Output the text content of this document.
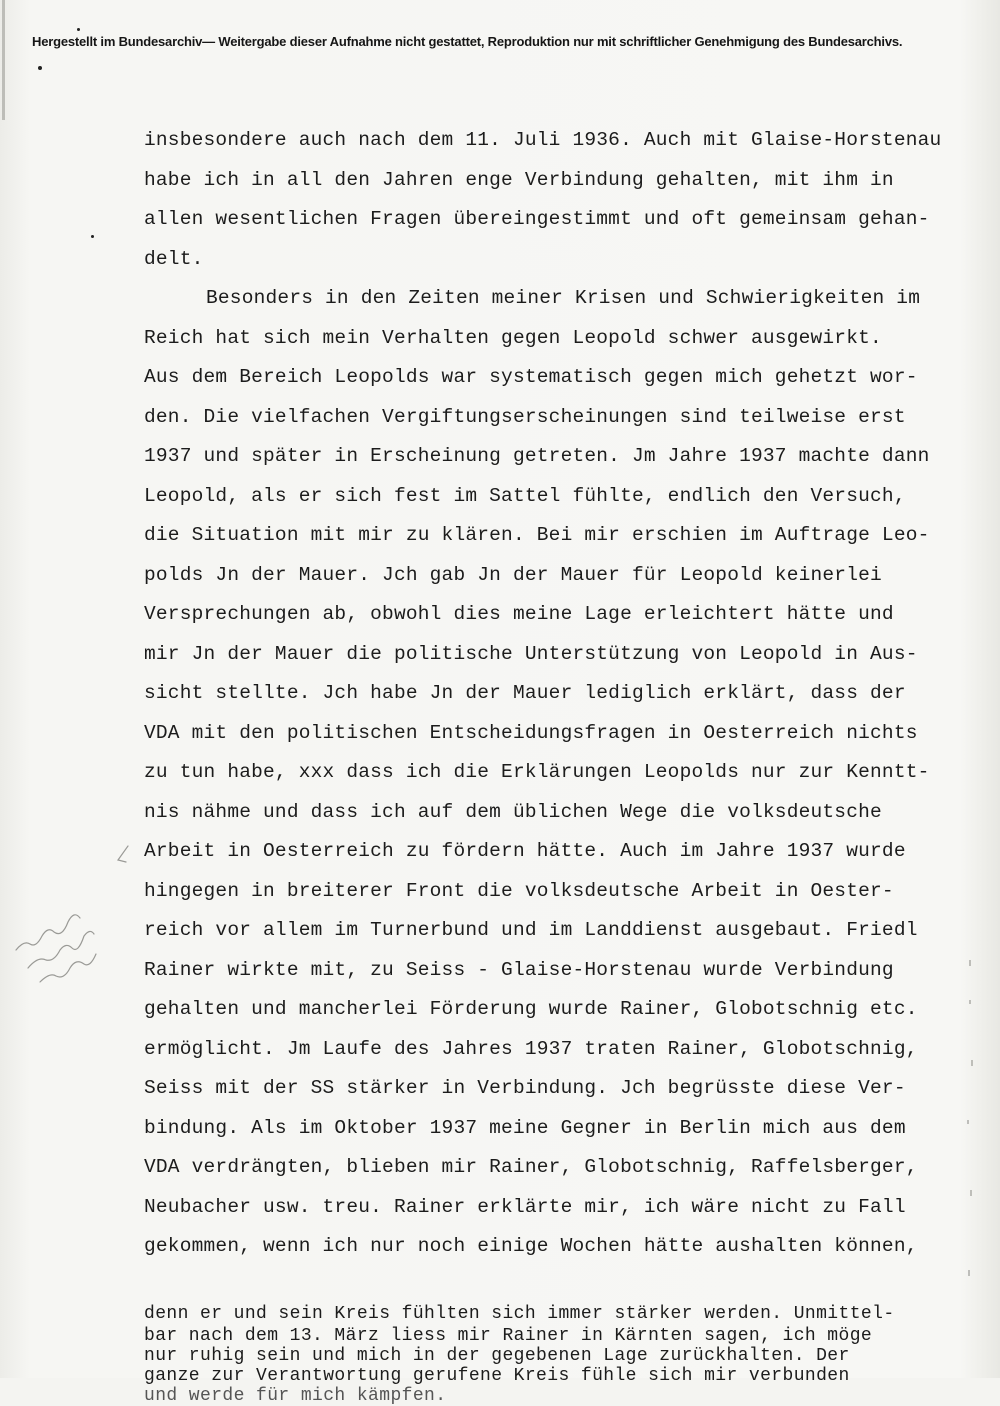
Hergestellt im Bundesarchiv— Weitergabe dieser Aufnahme nicht gestattet, Reproduktion nur mit schriftlicher Genehmigung des Bundesarchivs.
insbesondere auch nach dem 11. Juli 1936. Auch mit Glaise-Horstenau
habe ich in all den Jahren enge Verbindung gehalten, mit ihm in
allen wesentlichen Fragen übereingestimmt und oft gemeinsam gehan-
delt.
Besonders in den Zeiten meiner Krisen und Schwierigkeiten im
Reich hat sich mein Verhalten gegen Leopold schwer ausgewirkt.
Aus dem Bereich Leopolds war systematisch gegen mich gehetzt wor-
den. Die vielfachen Vergiftungserscheinungen sind teilweise erst
1937 und später in Erscheinung getreten. Jm Jahre 1937 machte dann
Leopold, als er sich fest im Sattel fühlte, endlich den Versuch,
die Situation mit mir zu klären. Bei mir erschien im Auftrage Leo-
polds Jn der Mauer. Jch gab Jn der Mauer für Leopold keinerlei
Versprechungen ab, obwohl dies meine Lage erleichtert hätte und
mir Jn der Mauer die politische Unterstützung von Leopold in Aus-
sicht stellte. Jch habe Jn der Mauer lediglich erklärt, dass der
VDA mit den politischen Entscheidungsfragen in Oesterreich nichts
zu tun habe, xxx dass ich die Erklärungen Leopolds nur zur Kenntt-
nis nähme und dass ich auf dem üblichen Wege die volksdeutsche
Arbeit in Oesterreich zu fördern hätte. Auch im Jahre 1937 wurde
hingegen in breiterer Front die volksdeutsche Arbeit in Oester-
reich vor allem im Turnerbund und im Landdienst ausgebaut. Friedl
Rainer wirkte mit, zu Seiss - Glaise-Horstenau wurde Verbindung
gehalten und mancherlei Förderung wurde Rainer, Globotschnig etc.
ermöglicht. Jm Laufe des Jahres 1937 traten Rainer, Globotschnig,
Seiss mit der SS stärker in Verbindung. Jch begrüsste diese Ver-
bindung. Als im Oktober 1937 meine Gegner in Berlin mich aus dem
VDA verdrängten, blieben mir Rainer, Globotschnig, Raffelsberger,
Neubacher usw. treu. Rainer erklärte mir, ich wäre nicht zu Fall
gekommen, wenn ich nur noch einige Wochen hätte aushalten können,
denn er und sein Kreis fühlten sich immer stärker werden. Unmittel-
bar nach dem 13. März liess mir Rainer in Kärnten sagen, ich möge
nur ruhig sein und mich in der gegebenen Lage zurückhalten. Der
ganze zur Verantwortung gerufene Kreis fühle sich mir verbunden
und werde für mich kämpfen.
